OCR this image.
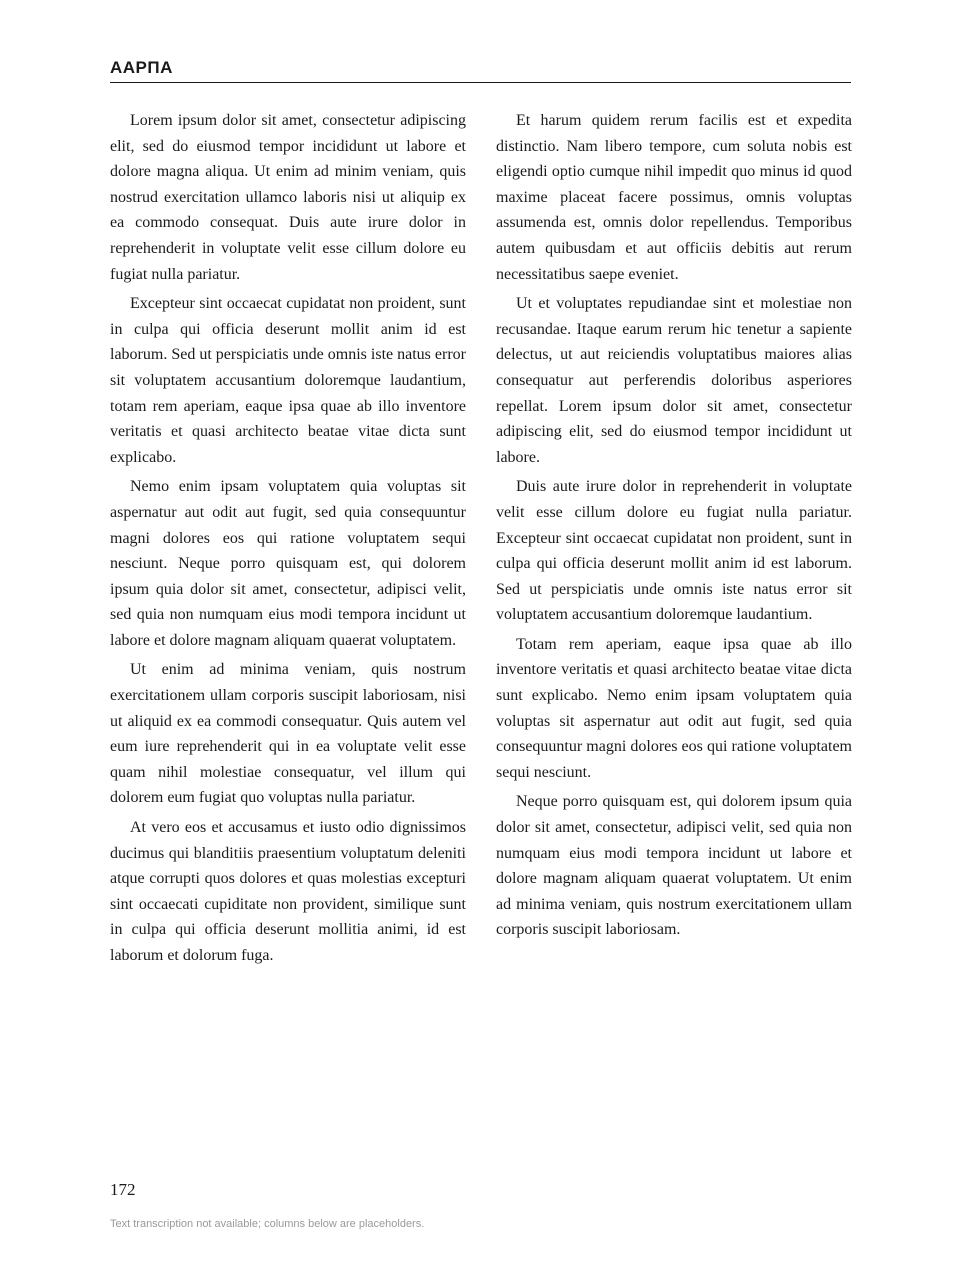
ААРПА

Lorem ipsum dolor sit amet, consectetur adipiscing elit, sed do eiusmod tempor incididunt ut labore et dolore magna aliqua. Ut enim ad minim veniam, quis nostrud exercitation ullamco laboris nisi ut aliquip ex ea commodo consequat. Duis aute irure dolor in reprehenderit in voluptate velit esse cillum dolore eu fugiat nulla pariatur.

Excepteur sint occaecat cupidatat non proident, sunt in culpa qui officia deserunt mollit anim id est laborum. Sed ut perspiciatis unde omnis iste natus error sit voluptatem accusantium doloremque laudantium, totam rem aperiam, eaque ipsa quae ab illo inventore veritatis et quasi architecto beatae vitae dicta sunt explicabo.

Nemo enim ipsam voluptatem quia voluptas sit aspernatur aut odit aut fugit, sed quia consequuntur magni dolores eos qui ratione voluptatem sequi nesciunt. Neque porro quisquam est, qui dolorem ipsum quia dolor sit amet, consectetur, adipisci velit, sed quia non numquam eius modi tempora incidunt ut labore et dolore magnam aliquam quaerat voluptatem.

Ut enim ad minima veniam, quis nostrum exercitationem ullam corporis suscipit laboriosam, nisi ut aliquid ex ea commodi consequatur. Quis autem vel eum iure reprehenderit qui in ea voluptate velit esse quam nihil molestiae consequatur, vel illum qui dolorem eum fugiat quo voluptas nulla pariatur.

At vero eos et accusamus et iusto odio dignissimos ducimus qui blanditiis praesentium voluptatum deleniti atque corrupti quos dolores et quas molestias excepturi sint occaecati cupiditate non provident, similique sunt in culpa qui officia deserunt mollitia animi, id est laborum et dolorum fuga.

Et harum quidem rerum facilis est et expedita distinctio. Nam libero tempore, cum soluta nobis est eligendi optio cumque nihil impedit quo minus id quod maxime placeat facere possimus, omnis voluptas assumenda est, omnis dolor repellendus. Temporibus autem quibusdam et aut officiis debitis aut rerum necessitatibus saepe eveniet.

Ut et voluptates repudiandae sint et molestiae non recusandae. Itaque earum rerum hic tenetur a sapiente delectus, ut aut reiciendis voluptatibus maiores alias consequatur aut perferendis doloribus asperiores repellat. Lorem ipsum dolor sit amet, consectetur adipiscing elit, sed do eiusmod tempor incididunt ut labore.

Duis aute irure dolor in reprehenderit in voluptate velit esse cillum dolore eu fugiat nulla pariatur. Excepteur sint occaecat cupidatat non proident, sunt in culpa qui officia deserunt mollit anim id est laborum. Sed ut perspiciatis unde omnis iste natus error sit voluptatem accusantium doloremque laudantium.

Totam rem aperiam, eaque ipsa quae ab illo inventore veritatis et quasi architecto beatae vitae dicta sunt explicabo. Nemo enim ipsam voluptatem quia voluptas sit aspernatur aut odit aut fugit, sed quia consequuntur magni dolores eos qui ratione voluptatem sequi nesciunt.

Neque porro quisquam est, qui dolorem ipsum quia dolor sit amet, consectetur, adipisci velit, sed quia non numquam eius modi tempora incidunt ut labore et dolore magnam aliquam quaerat voluptatem. Ut enim ad minima veniam, quis nostrum exercitationem ullam corporis suscipit laboriosam.

172
Text transcription not available; columns below are placeholders.
